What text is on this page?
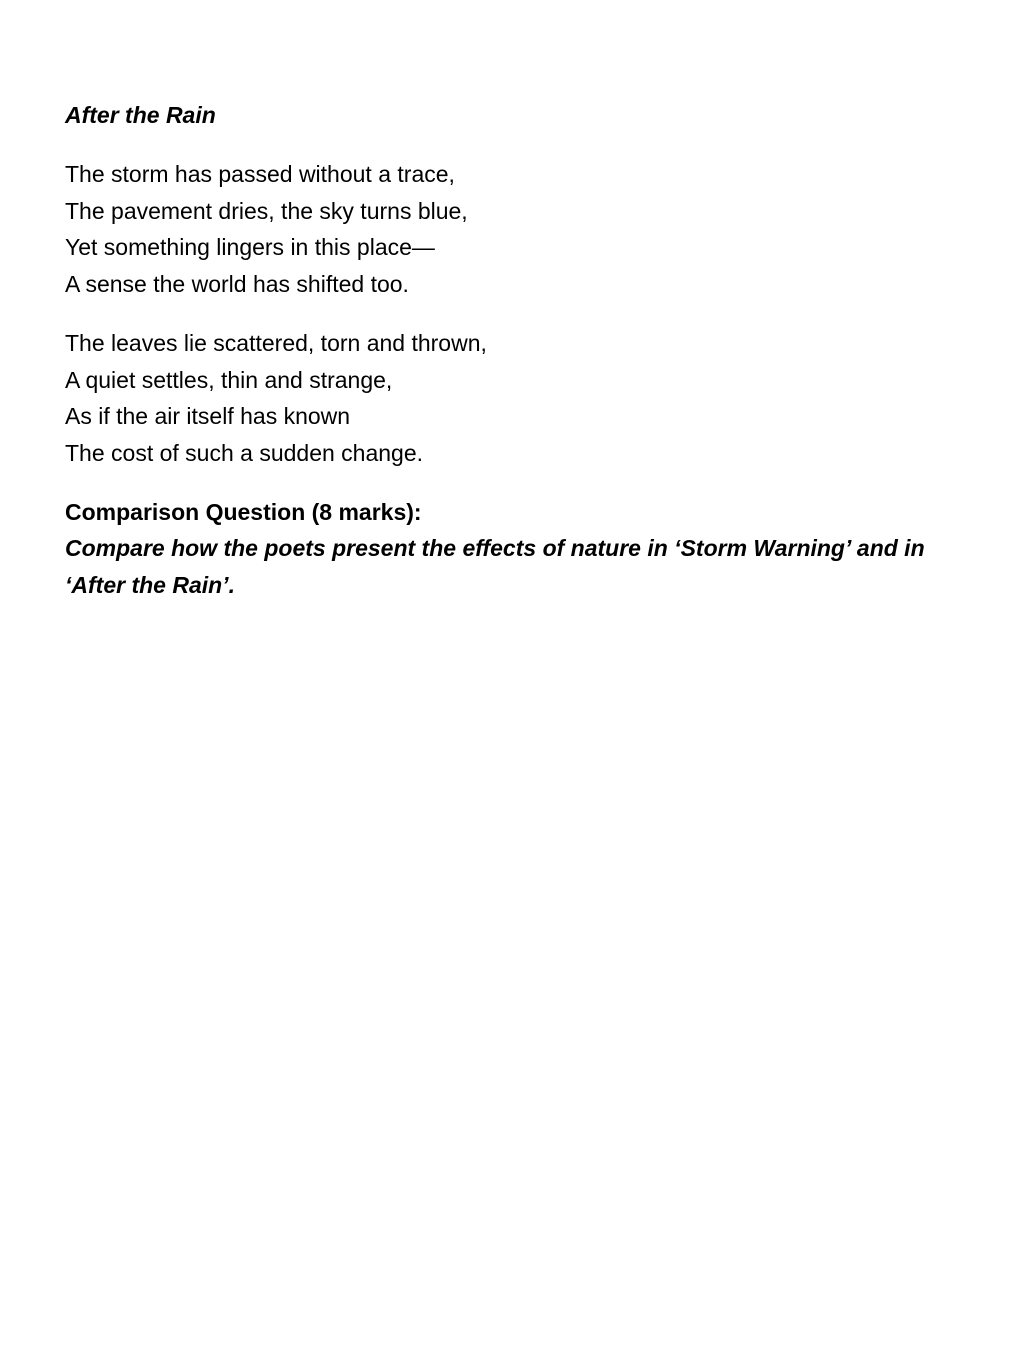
After the Rain
The storm has passed without a trace,
The pavement dries, the sky turns blue,
Yet something lingers in this place—
A sense the world has shifted too.
The leaves lie scattered, torn and thrown,
A quiet settles, thin and strange,
As if the air itself has known
The cost of such a sudden change.
Comparison Question (8 marks):
Compare how the poets present the effects of nature in ‘Storm Warning’ and in ‘After the Rain’.
